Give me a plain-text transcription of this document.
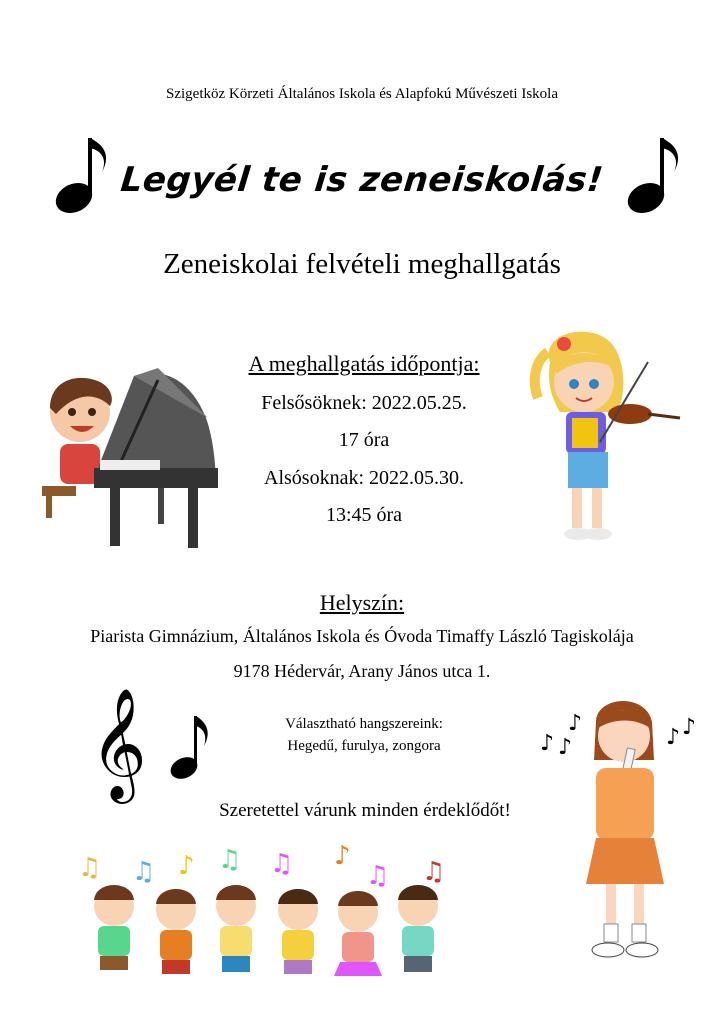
Szigetköz Körzeti Általános Iskola és Alapfokú Művészeti Iskola
Legyél te is zeneiskolás!
Zeneiskolai felvételi meghallgatás
A meghallgatás időpontja:
Felsősöknek: 2022.05.25.
17 óra
Alsósoknak: 2022.05.30.
13:45 óra
Helyszín:
Piarista Gimnázium, Általános Iskola és Óvoda Timaffy László Tagiskolája
9178 Hédervár, Arany János utca 1.
𝄞	Választható hangszereink:
Hegedű, furulya, zongora	♪ ♪
♪
♪ ♪
Szeretettel várunk minden érdeklődőt!
♫ ♫ ♪ ♫ ♫ ♪
♫ ♫
